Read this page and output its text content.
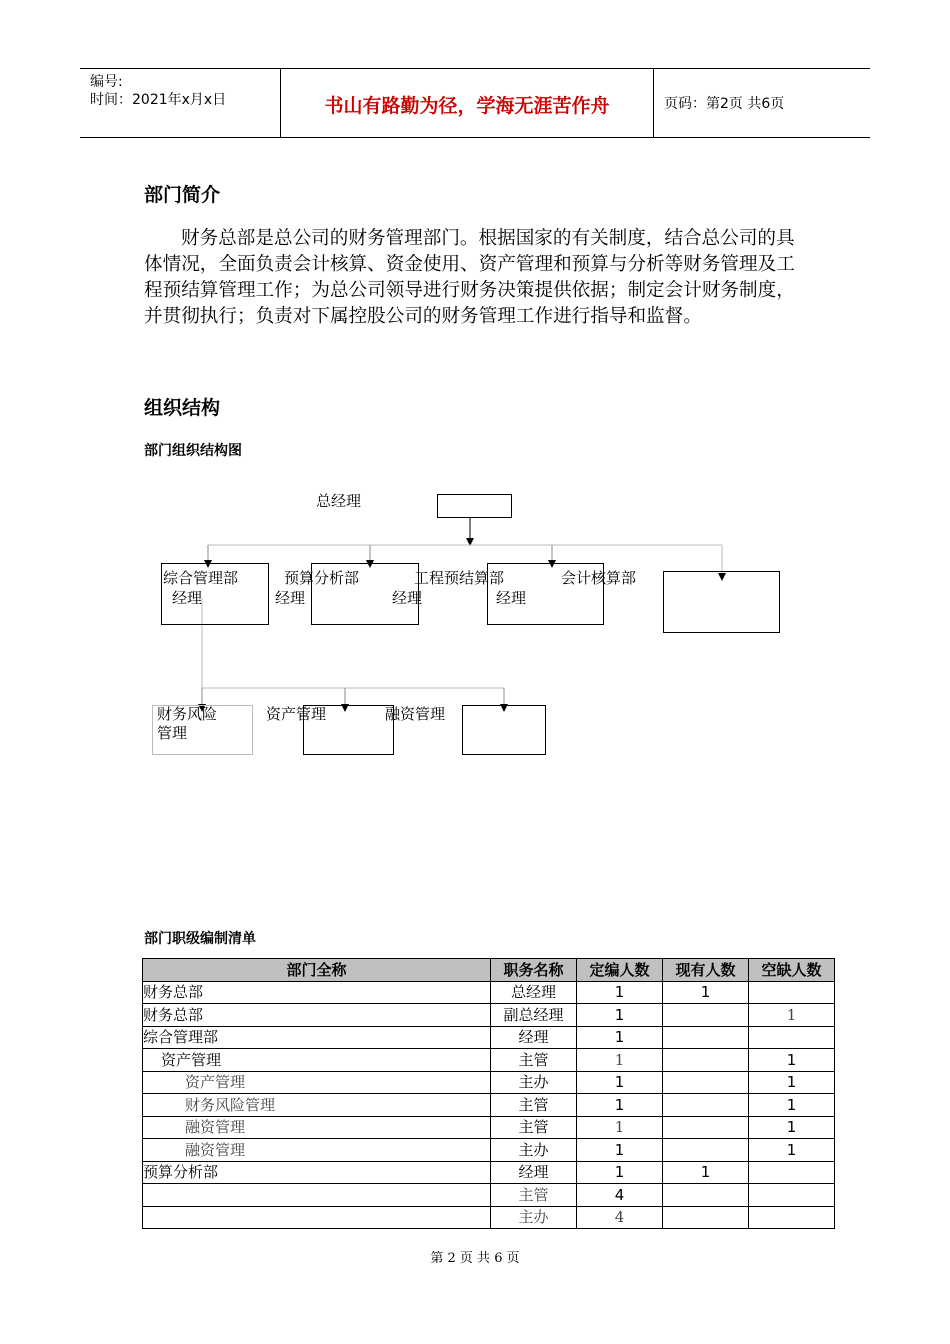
编号:
时间：2021年x月x日	书山有路勤为径，学海无涯苦作舟	页码：第2页 共6页
部门简介
财务总部是总公司的财务管理部门。根据国家的有关制度，结合总公司的具体情况，全面负责会计核算、资金使用、资产管理和预算与分析等财务管理及工程预结算管理工作；为总公司领导进行财务决策提供依据；制定会计财务制度，并贯彻执行；负责对下属控股公司的财务管理工作进行指导和监督。
组织结构
部门组织结构图
总经理
综合管理部
经理
预算分析部
经理
工程预结算部
经理
会计核算部
经理
财务风险
管理
资产管理	融资管理
部门职级编制清单
部门全称	职务名称	定编人数	现有人数	空缺人数
财务总部	总经理	1	1	
财务总部	副总经理	1		1
综合管理部	经理	1		
资产管理	主管	1		1
资产管理	主办	1		1
财务风险管理	主管	1		1
融资管理	主管	1		1
融资管理	主办	1		1
预算分析部	经理	1	1	
	主管	4		
	主办	4		
第 2 页 共 6 页
